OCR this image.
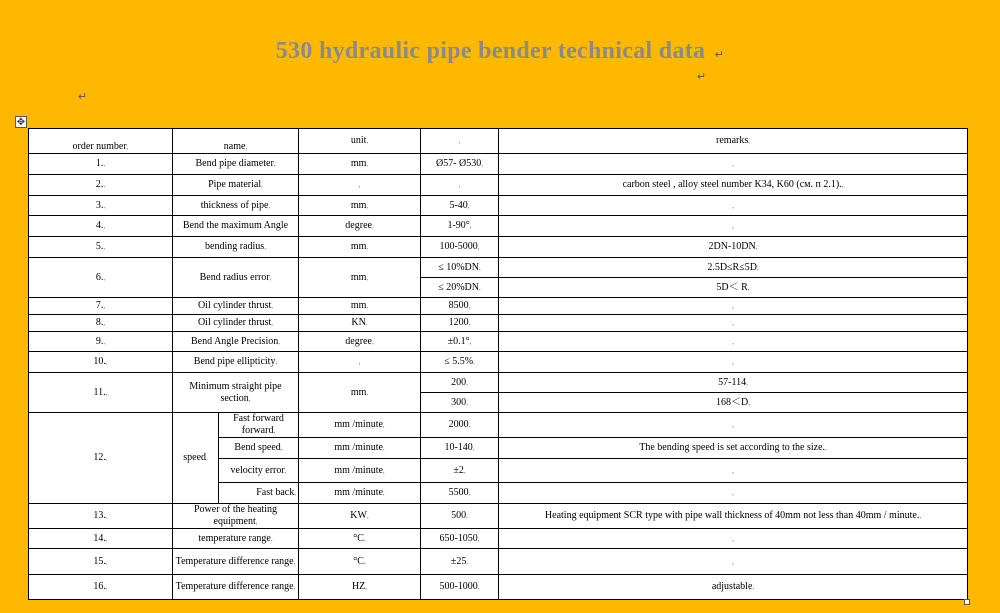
530 hydraulic pipe bender technical data  ↵
↵
↵
✥
order number,	name,		unit,	,	remarks,
1.,	Bend pipe diameter,		mm,	Ø57- Ø530,	,
2.,	Pipe material,		,	,	carbon steel , alloy steel number K34, K60 (см. п 2.1).,
3.,	thickness of pipe,		mm,	5-40,	,
4.,	Bend the maximum Angle		degree,	1-90°,	,
5.,	bending radius,		mm,	100-5000,	2DN-10DN,
6.,	Bend radius error,		mm,	≤ 10%DN,	2.5D≤R≤5D,
				≤ 20%DN,	5D＜ R,
7.,	Oil cylinder thrust,		mm,	8500,	,
8.,	Oil cylinder thrust,		KN,	1200,	,
9.,	Bend Angle Precision,		degree,	±0.1°,	,
10.,	Bend pipe ellipticity,		,	≤ 5.5%,	,
11.,	Minimum straight pipe section,		mm,	200,	57-114,
				300,	168＜D,
12.,	speed,	Fast forward forward,	mm /minute,	2000,	,
		Bend speed,	mm /minute,	10-140,	The bending speed is set according to the size.,
		velocity error,	mm /minute,	±2,	,
		Fast back,	mm /minute,	5500,	,
13.,	Power of the heating equipment,		KW,	500,	Heating equipment SCR type with pipe wall thickness of 40mm not less than 40mm / minute.,
14.,	temperature range,		°C,	650-1050,	,
15.,	Temperature difference range,		°C,	±25,	,
16.,	Temperature difference range,		HZ,	500-1000,	adjustable,
